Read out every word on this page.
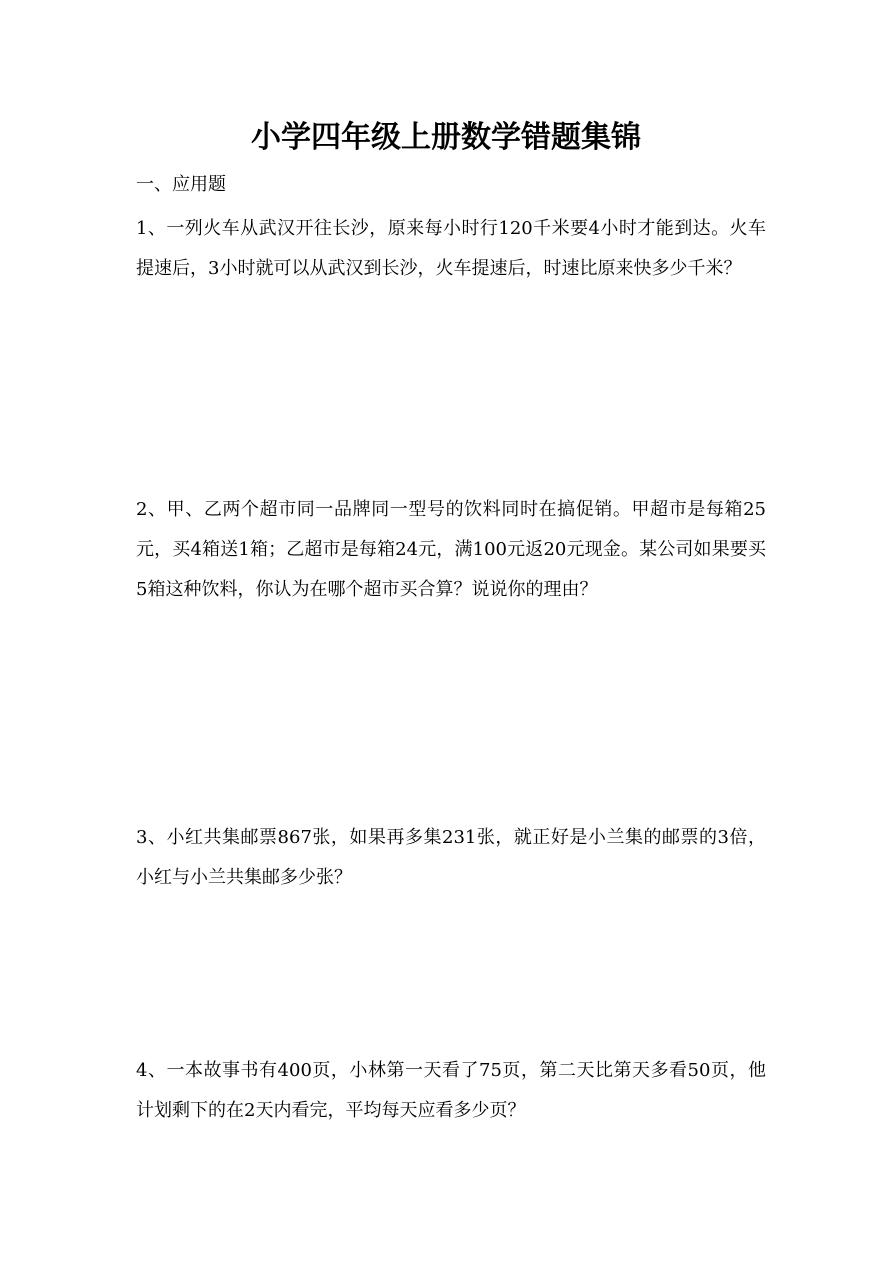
小学四年级上册数学错题集锦

一、应用题

1、一列火车从武汉开往长沙，原来每小时行120千米要4小时才能到达。火车提速后，3小时就可以从武汉到长沙，火车提速后，时速比原来快多少千米？

2、甲、乙两个超市同一品牌同一型号的饮料同时在搞促销。甲超市是每箱25元，买4箱送1箱；乙超市是每箱24元，满100元返20元现金。某公司如果要买5箱这种饮料，你认为在哪个超市买合算？说说你的理由？

3、小红共集邮票867张，如果再多集231张，就正好是小兰集的邮票的3倍，小红与小兰共集邮多少张？

4、一本故事书有400页，小林第一天看了75页，第二天比第天多看50页，他计划剩下的在2天内看完，平均每天应看多少页？
